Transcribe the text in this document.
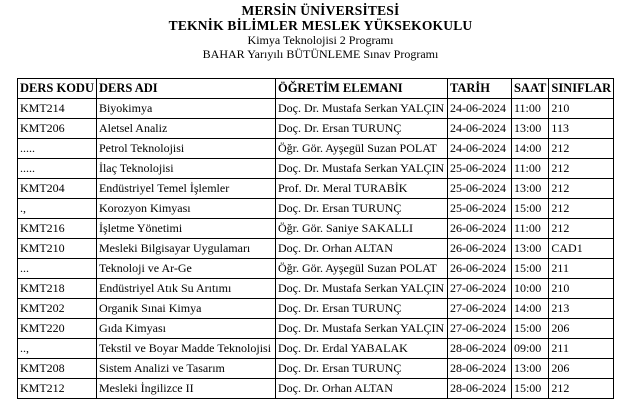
MERSİN ÜNİVERSİTESİ
TEKNİK BİLİMLER MESLEK YÜKSEKOKULU
Kimya Teknolojisi 2 Programı
BAHAR Yarıyılı BÜTÜNLEME Sınav Programı
DERS KODU	DERS ADI	ÖĞRETİM ELEMANI	TARİH	SAAT	SINIFLAR
KMT214	Biyokimya	Doç. Dr. Mustafa Serkan YALÇIN	24-06-2024	11:00	210
KMT206	Aletsel Analiz	Doç. Dr. Ersan TURUNÇ	24-06-2024	13:00	113
.....	Petrol Teknolojisi	Öğr. Gör. Ayşegül Suzan POLAT	24-06-2024	14:00	212
.....	İlaç Teknolojisi	Doç. Dr. Mustafa Serkan YALÇIN	25-06-2024	11:00	212
KMT204	Endüstriyel Temel İşlemler	Prof. Dr. Meral TURABİK	25-06-2024	13:00	212
.,	Korozyon Kimyası	Doç. Dr. Ersan TURUNÇ	25-06-2024	15:00	212
KMT216	İşletme Yönetimi	Öğr. Gör. Saniye SAKALLI	26-06-2024	11:00	212
KMT210	Mesleki Bilgisayar Uygulamarı	Doç. Dr. Orhan ALTAN	26-06-2024	13:00	CAD1
...	Teknoloji ve Ar-Ge	Öğr. Gör. Ayşegül Suzan POLAT	26-06-2024	15:00	211
KMT218	Endüstriyel Atık Su Arıtımı	Doç. Dr. Mustafa Serkan YALÇIN	27-06-2024	10:00	210
KMT202	Organik Sınai Kimya	Doç. Dr. Ersan TURUNÇ	27-06-2024	14:00	213
KMT220	Gıda Kimyası	Doç. Dr. Mustafa Serkan YALÇIN	27-06-2024	15:00	206
..,	Tekstil ve Boyar Madde Teknolojisi	Doç. Dr. Erdal YABALAK	28-06-2024	09:00	211
KMT208	Sistem Analizi ve Tasarım	Doç. Dr. Ersan TURUNÇ	28-06-2024	13:00	206
KMT212	Mesleki İngilizce II	Doç. Dr. Orhan ALTAN	28-06-2024	15:00	212
